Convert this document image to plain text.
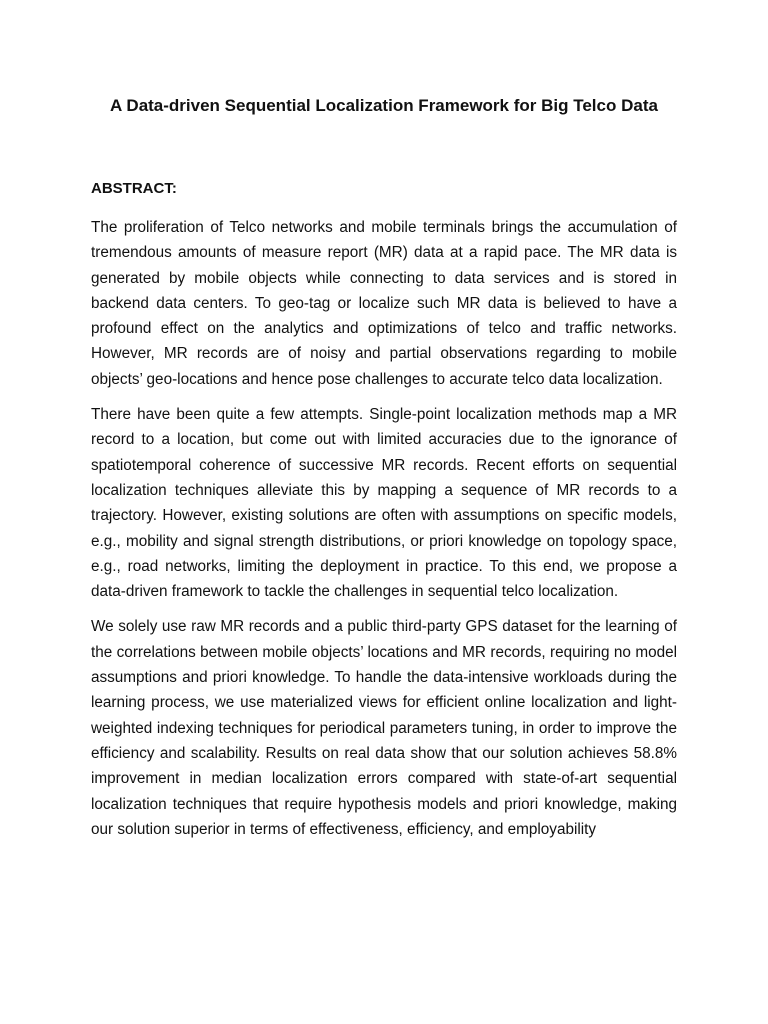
A Data-driven Sequential Localization Framework for Big Telco Data
ABSTRACT:

The proliferation of Telco networks and mobile terminals brings the accumulation of tremendous amounts of measure report (MR) data at a rapid pace. The MR data is generated by mobile objects while connecting to data services and is stored in backend data centers. To geo-tag or localize such MR data is believed to have a profound effect on the analytics and optimizations of telco and traffic networks. However, MR records are of noisy and partial observations regarding to mobile objects’ geo-locations and hence pose challenges to accurate telco data localization.

There have been quite a few attempts. Single-point localization methods map a MR record to a location, but come out with limited accuracies due to the ignorance of spatiotemporal coherence of successive MR records. Recent efforts on sequential localization techniques alleviate this by mapping a sequence of MR records to a trajectory. However, existing solutions are often with assumptions on specific models, e.g., mobility and signal strength distributions, or priori knowledge on topology space, e.g., road networks, limiting the deployment in practice. To this end, we propose a data-driven framework to tackle the challenges in sequential telco localization.

We solely use raw MR records and a public third-party GPS dataset for the learning of the correlations between mobile objects’ locations and MR records, requiring no model assumptions and priori knowledge. To handle the data-intensive workloads during the learning process, we use materialized views for efficient online localization and light-weighted indexing techniques for periodical parameters tuning, in order to improve the efficiency and scalability. Results on real data show that our solution achieves 58.8% improvement in median localization errors compared with state-of-art sequential localization techniques that require hypothesis models and priori knowledge, making our solution superior in terms of effectiveness, efficiency, and employability
